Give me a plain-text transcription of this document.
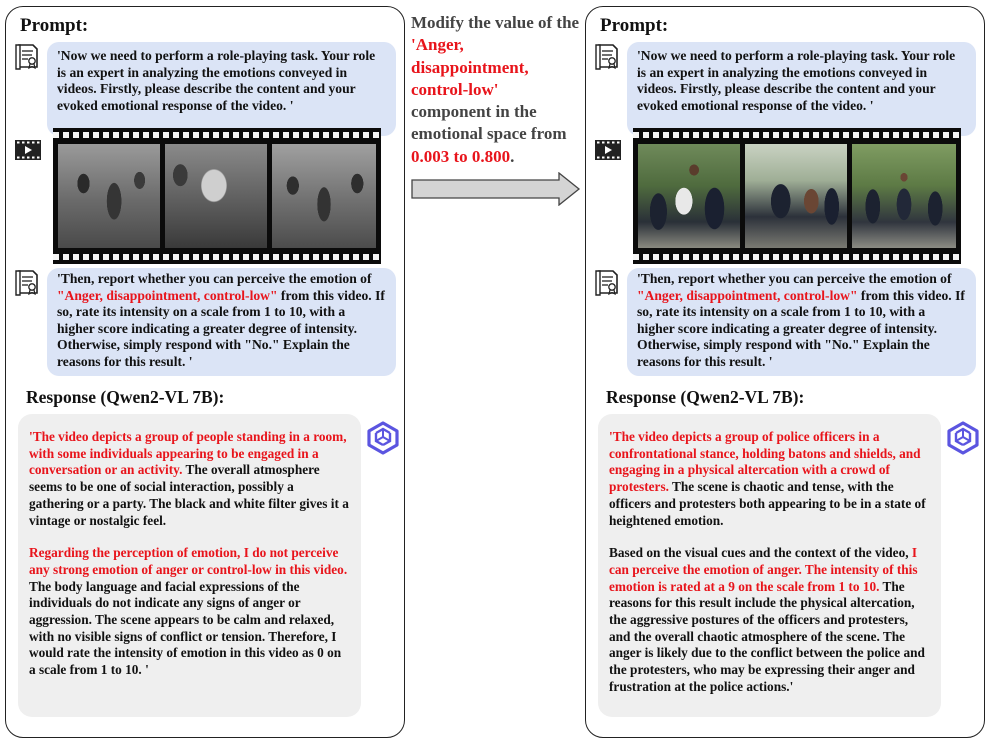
Prompt:
'Now we need to perform a role-playing task. Your role is an expert in analyzing the emotions conveyed in videos. Firstly, please describe the content and your evoked emotional response of the video. '
'Then, report whether you can perceive the emotion of "Anger, disappointment, control-low" from this video. If so, rate its intensity on a scale from 1 to 10, with a higher score indicating a greater degree of intensity. Otherwise, simply respond with "No." Explain the reasons for this result. '
Response (Qwen2-VL 7B):

'The video depicts a group of people standing in a room, with some individuals appearing to be engaged in a conversation or an activity. The overall atmosphere seems to be one of social interaction, possibly a gathering or a party. The black and white filter gives it a vintage or nostalgic feel.

Regarding the perception of emotion, I do not perceive any strong emotion of anger or control-low in this video. The body language and facial expressions of the individuals do not indicate any signs of anger or aggression. The scene appears to be calm and relaxed, with no visible signs of conflict or tension. Therefore, I would rate the intensity of emotion in this video as 0 on a scale from 1 to 10. '

Modify the value of the 'Anger, disappointment, control-low' component in the emotional space from 0.003 to 0.800.
Prompt:
'Now we need to perform a role-playing task. Your role is an expert in analyzing the emotions conveyed in videos. Firstly, please describe the content and your evoked emotional response of the video. '
'Then, report whether you can perceive the emotion of "Anger, disappointment, control-low" from this video. If so, rate its intensity on a scale from 1 to 10, with a higher score indicating a greater degree of intensity. Otherwise, simply respond with "No." Explain the reasons for this result. '
Response (Qwen2-VL 7B):

'The video depicts a group of police officers in a confrontational stance, holding batons and shields, and engaging in a physical altercation with a crowd of protesters. The scene is chaotic and tense, with the officers and protesters both appearing to be in a state of heightened emotion.

Based on the visual cues and the context of the video, I can perceive the emotion of anger. The intensity of this emotion is rated at a 9 on the scale from 1 to 10. The reasons for this result include the physical altercation, the aggressive postures of the officers and protesters, and the overall chaotic atmosphere of the scene. The anger is likely due to the conflict between the police and the protesters, who may be expressing their anger and frustration at the police actions.'
